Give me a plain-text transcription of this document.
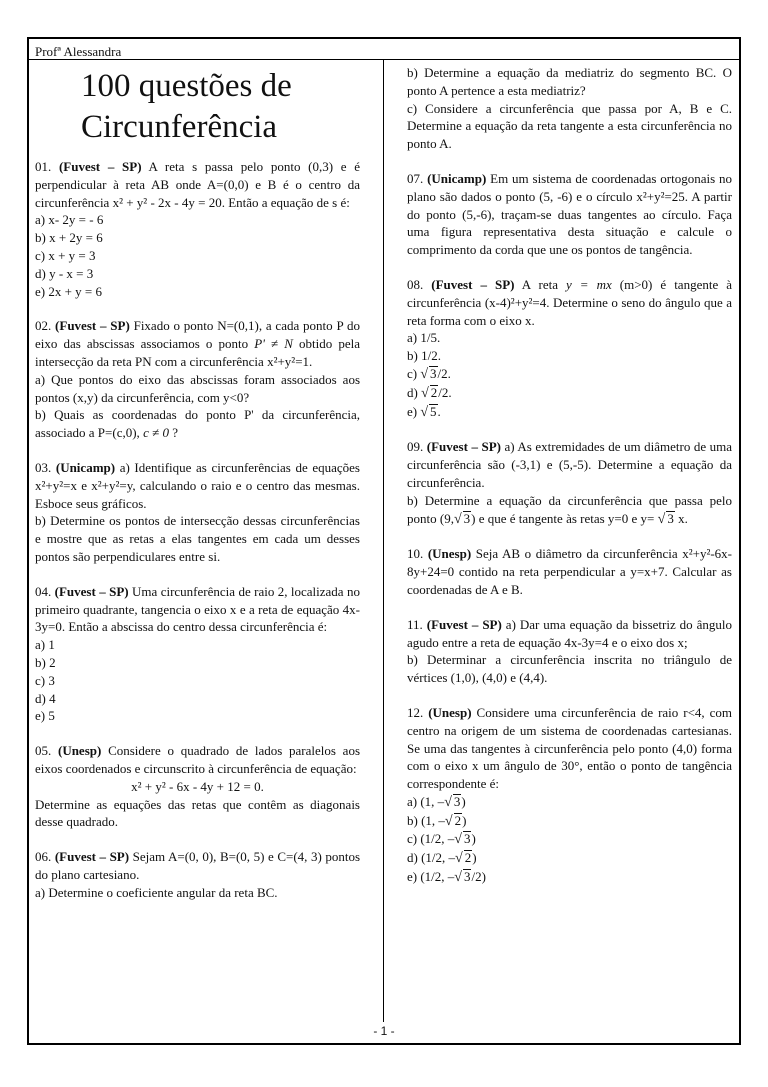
Profª Alessandra
100 questões de
Circunferência

01. (Fuvest – SP) A reta s passa pelo ponto (0,3) e é perpendicular à reta AB onde A=(0,0) e B é o centro da circunferência x² + y² - 2x - 4y = 20. Então a equação de s é:

a) x- 2y = - 6

b) x + 2y = 6

c) x + y = 3

d) y - x = 3

e) 2x + y = 6

02. (Fuvest – SP) Fixado o ponto N=(0,1), a cada ponto P do eixo das abscissas associamos o ponto P' ≠ N obtido pela intersecção da reta PN com a circunferência x²+y²=1.

a) Que pontos do eixo das abscissas foram associados aos pontos (x,y) da circunferência, com y<0?

b) Quais as coordenadas do ponto P' da circunferência, associado a P=(c,0), c ≠ 0 ?

03. (Unicamp) a) Identifique as circunferências de equações x²+y²=x e x²+y²=y, calculando o raio e o centro das mesmas. Esboce seus gráficos.

b) Determine os pontos de intersecção dessas circunferências e mostre que as retas a elas tangentes em cada um desses pontos são perpendiculares entre si.

04. (Fuvest – SP) Uma circunferência de raio 2, localizada no primeiro quadrante, tangencia o eixo x e a reta de equação 4x-3y=0. Então a abscissa do centro dessa circunferência é:

a) 1

b) 2

c) 3

d) 4

e) 5

05. (Unesp) Considere o quadrado de lados paralelos aos eixos coordenados e circunscrito à circunferência de equação:

x² + y² - 6x - 4y + 12 = 0.

Determine as equações das retas que contêm as diagonais desse quadrado.

06. (Fuvest – SP) Sejam A=(0, 0), B=(0, 5) e C=(4, 3) pontos do plano cartesiano.

a) Determine o coeficiente angular da reta BC.

b) Determine a equação da mediatriz do segmento BC. O ponto A pertence a esta mediatriz?

c) Considere a circunferência que passa por A, B e C. Determine a equação da reta tangente a esta circunferência no ponto A.

07. (Unicamp) Em um sistema de coordenadas ortogonais no plano são dados o ponto (5, -6) e o círculo x²+y²=25. A partir do ponto (5,-6), traçam-se duas tangentes ao círculo. Faça uma figura representativa desta situação e calcule o comprimento da corda que une os pontos de tangência.

08. (Fuvest – SP) A reta y = mx (m>0) é tangente à circunferência (x-4)²+y²=4. Determine o seno do ângulo que a reta forma com o eixo x.

a) 1/5.

b) 1/2.

c) √ 3/2.

d) √ 2/2.

e) √ 5.

09. (Fuvest – SP) a) As extremidades de um diâmetro de uma circunferência são (-3,1) e (5,-5). Determine a equação da circunferência.

b) Determine a equação da circunferência que passa pelo ponto (9,√ 3) e que é tangente às retas y=0 e y= √ 3 x.

10. (Unesp) Seja AB o diâmetro da circunferência x²+y²-6x-8y+24=0 contido na reta perpendicular a y=x+7. Calcular as coordenadas de A e B.

11. (Fuvest – SP) a) Dar uma equação da bissetriz do ângulo agudo entre a reta de equação 4x-3y=4 e o eixo dos x;

b) Determinar a circunferência inscrita no triângulo de vértices (1,0), (4,0) e (4,4).

12. (Unesp) Considere uma circunferência de raio r<4, com centro na origem de um sistema de coordenadas cartesianas. Se uma das tangentes à circunferência pelo ponto (4,0) forma com o eixo x um ângulo de 30°, então o ponto de tangência correspondente é:

a) (1, –√ 3)

b) (1, –√ 2)

c) (1/2, –√ 3)

d) (1/2, –√ 2)

e) (1/2, –√ 3/2)

- 1 -
